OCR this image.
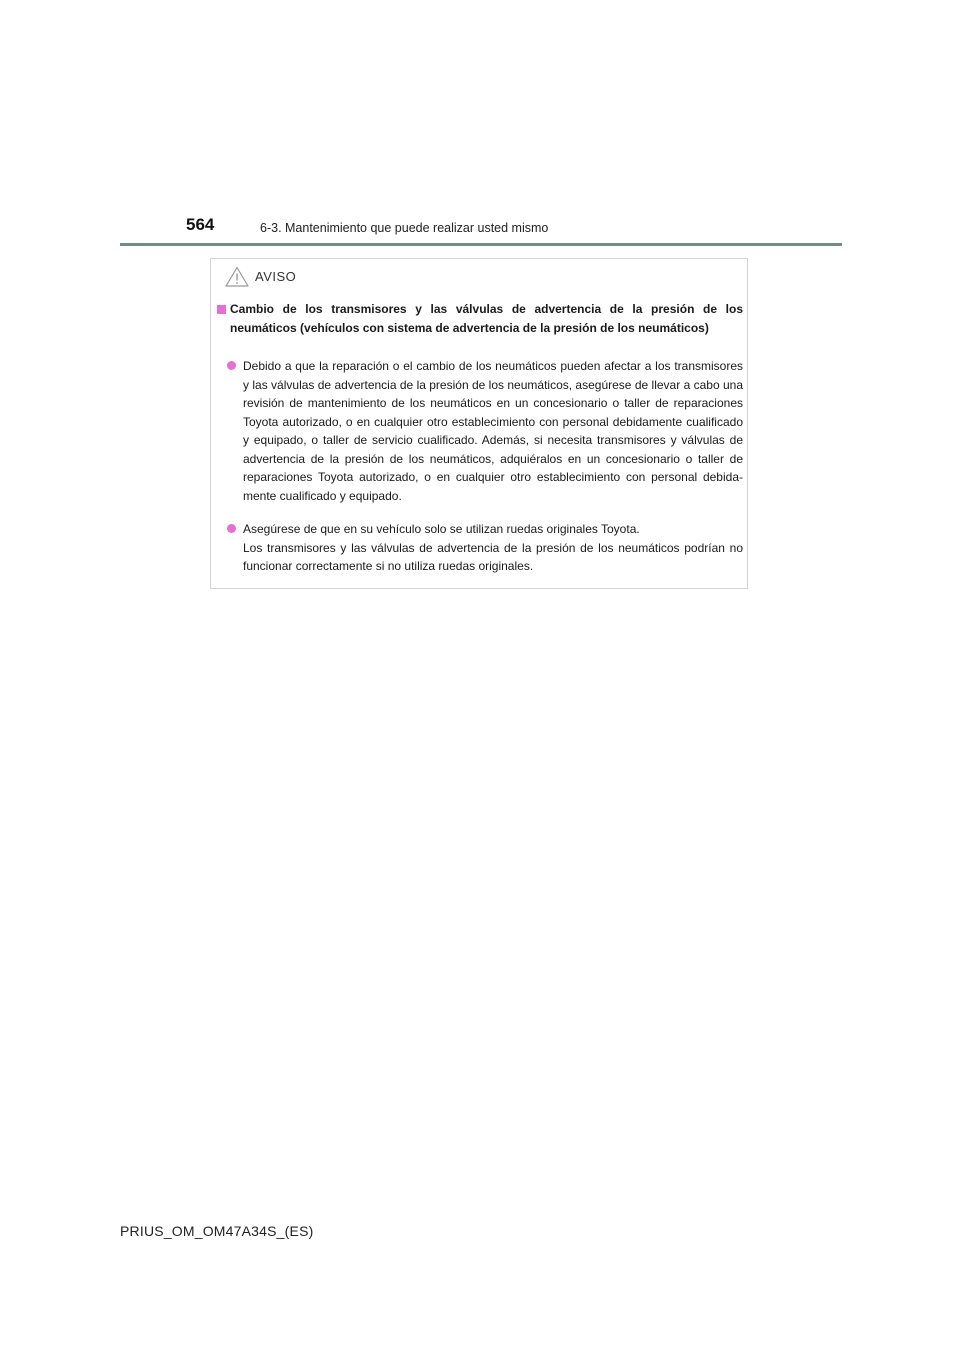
564	6-3. Mantenimiento que puede realizar usted mismo
AVISO
Cambio de los transmisores y las válvulas de advertencia de la presión de los neumáticos (vehículos con sistema de advertencia de la presión de los neumáticos)
Debido a que la reparación o el cambio de los neumáticos pueden afectar a los transmisores y las válvulas de advertencia de la presión de los neumáticos, asegúrese de llevar a cabo una revisión de mantenimiento de los neumáticos en un concesionario o taller de reparaciones Toyota autorizado, o en cualquier otro establecimiento con personal debidamente cualificado y equipado, o taller de servicio cualificado. Además, si necesita transmisores y válvulas de advertencia de la presión de los neumáticos, adquiéralos en un concesionario o taller de reparaciones Toyota autorizado, o en cualquier otro establecimiento con personal debidamente cualificado y equipado.
Asegúrese de que en su vehículo solo se utilizan ruedas originales Toyota.
Los transmisores y las válvulas de advertencia de la presión de los neumáticos podrían no funcionar correctamente si no utiliza ruedas originales.
PRIUS_OM_OM47A34S_(ES)
